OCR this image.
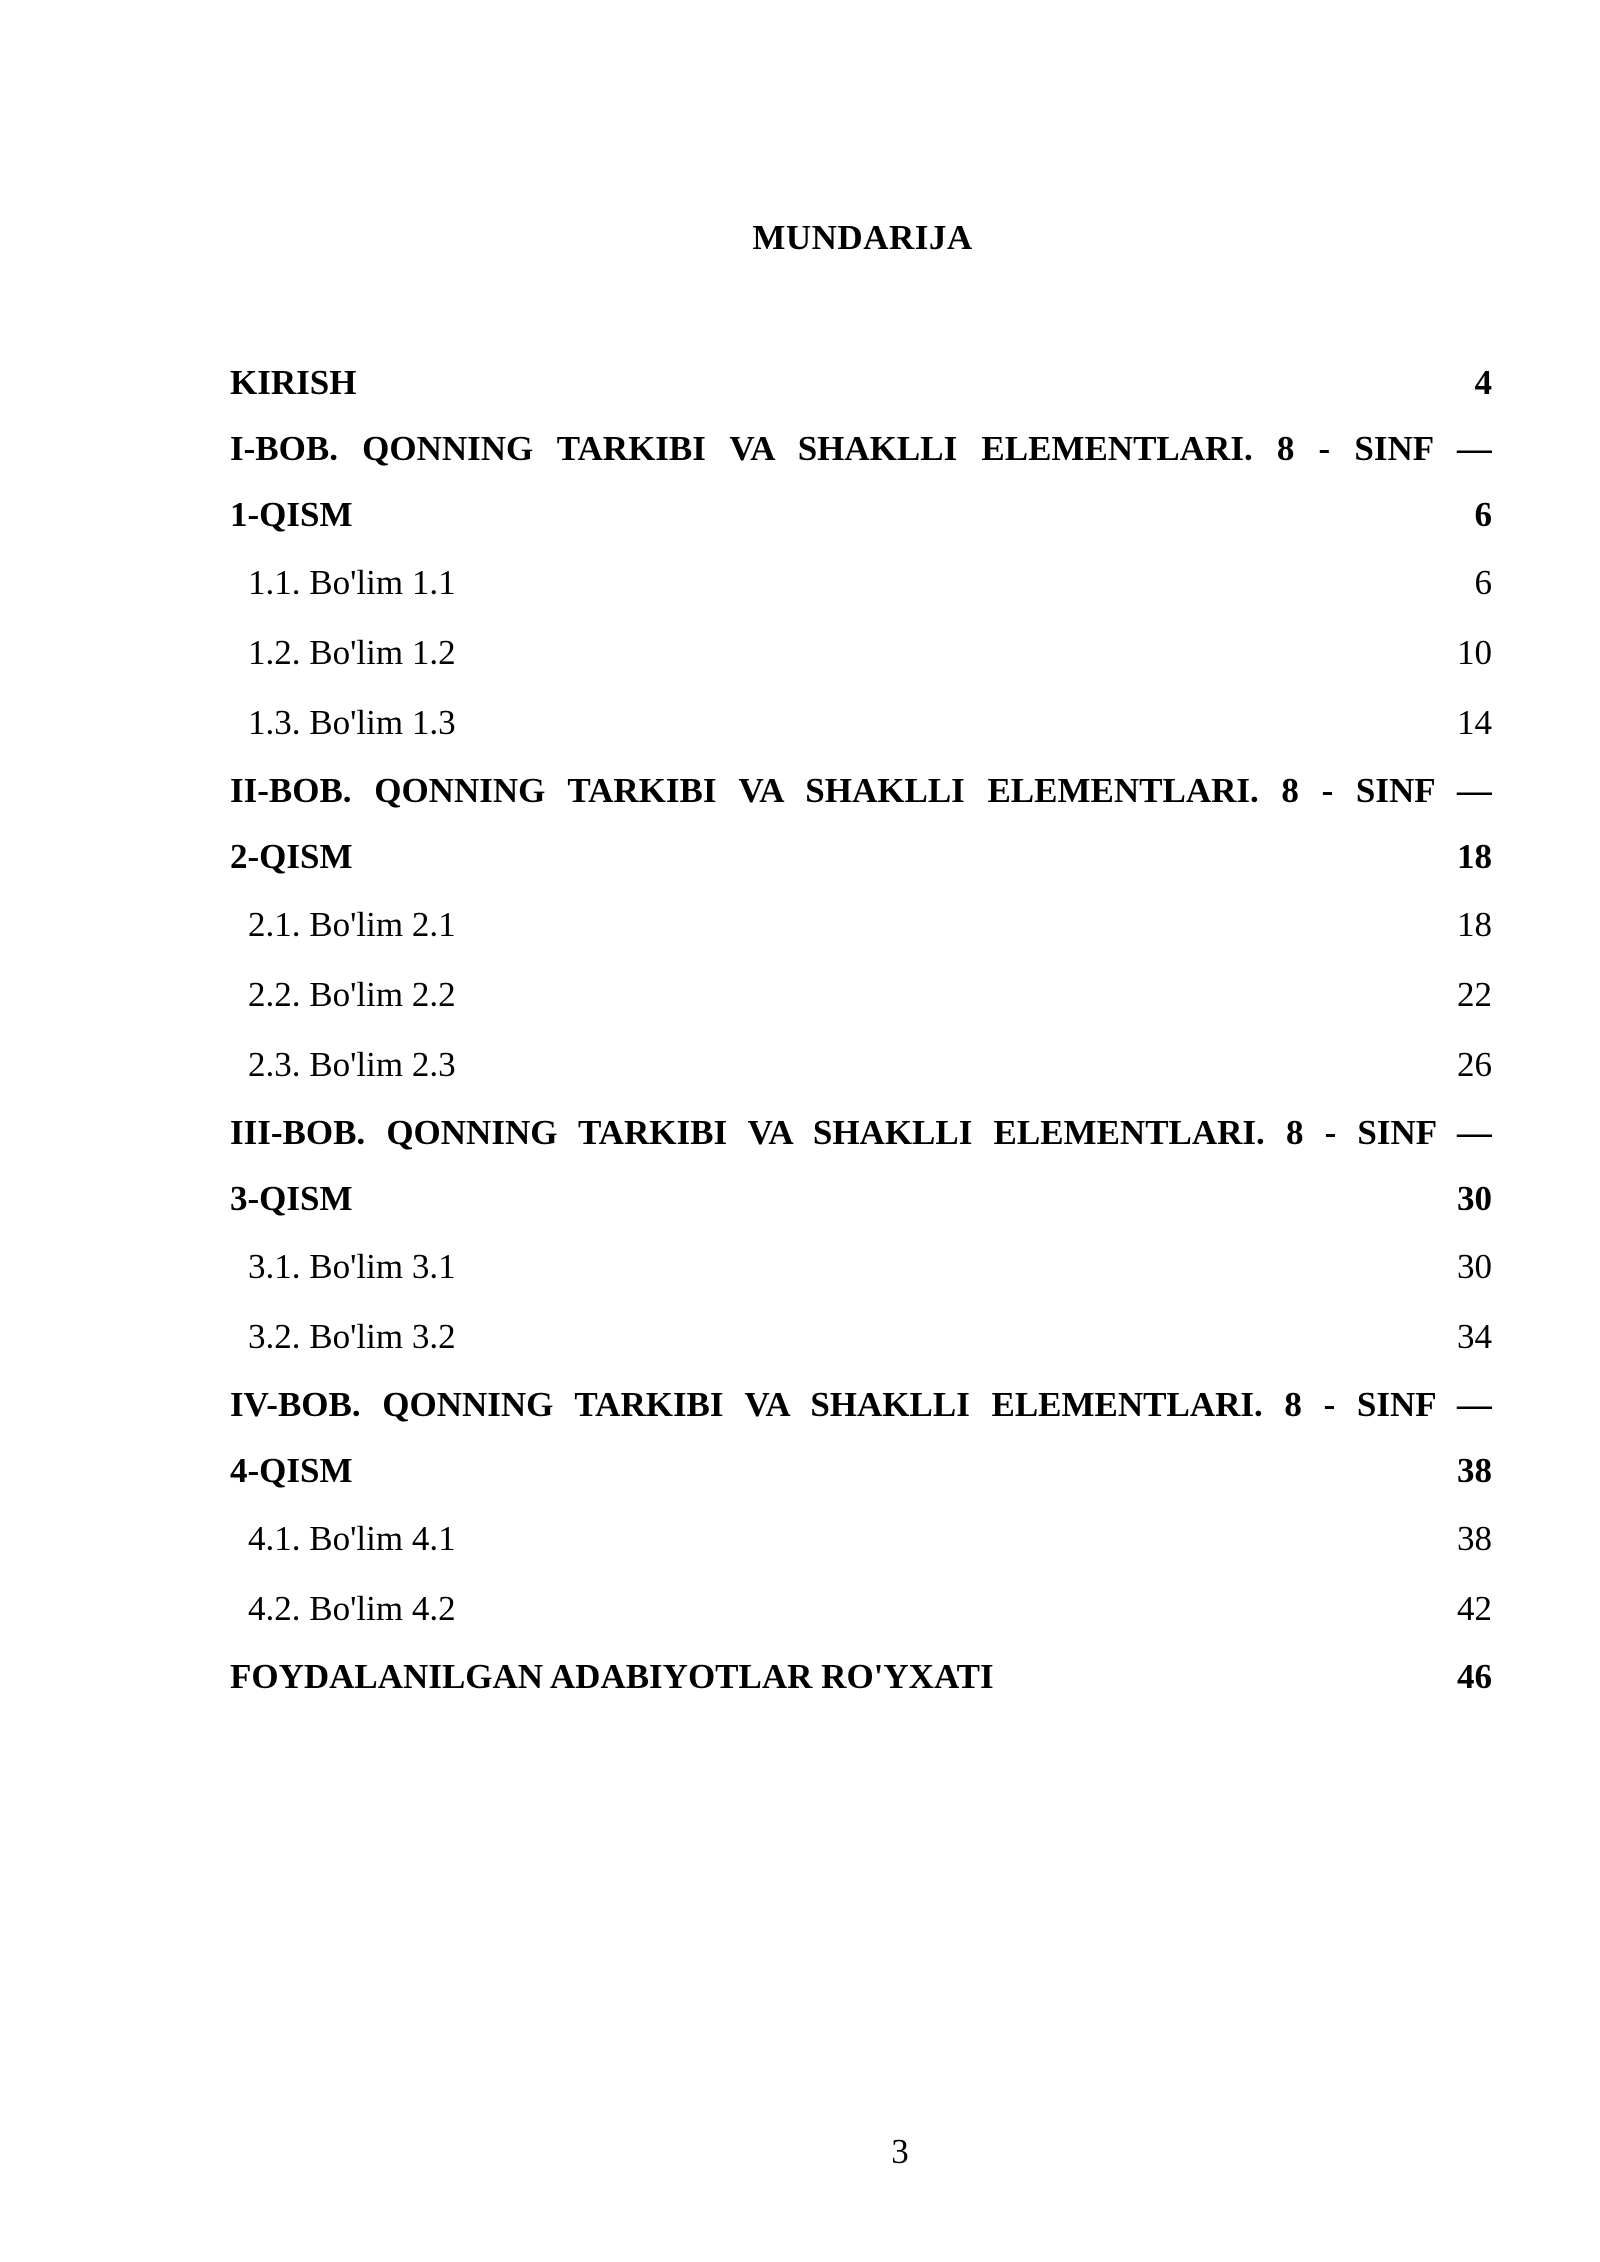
MUNDARIJA
KIRISH	4
I-BOB. QONNING TARKIBI VA SHAKLLI ELEMENTLARI. 8 - SINF —
1-QISM	6
1.1. Bo'lim 1.1	6
1.2. Bo'lim 1.2	10
1.3. Bo'lim 1.3	14
II-BOB. QONNING TARKIBI VA SHAKLLI ELEMENTLARI. 8 - SINF —
2-QISM	18
2.1. Bo'lim 2.1	18
2.2. Bo'lim 2.2	22
2.3. Bo'lim 2.3	26
III-BOB. QONNING TARKIBI VA SHAKLLI ELEMENTLARI. 8 - SINF —
3-QISM	30
3.1. Bo'lim 3.1	30
3.2. Bo'lim 3.2	34
IV-BOB. QONNING TARKIBI VA SHAKLLI ELEMENTLARI. 8 - SINF —
4-QISM	38
4.1. Bo'lim 4.1	38
4.2. Bo'lim 4.2	42
FOYDALANILGAN ADABIYOTLAR RO'YXATI	46
3
